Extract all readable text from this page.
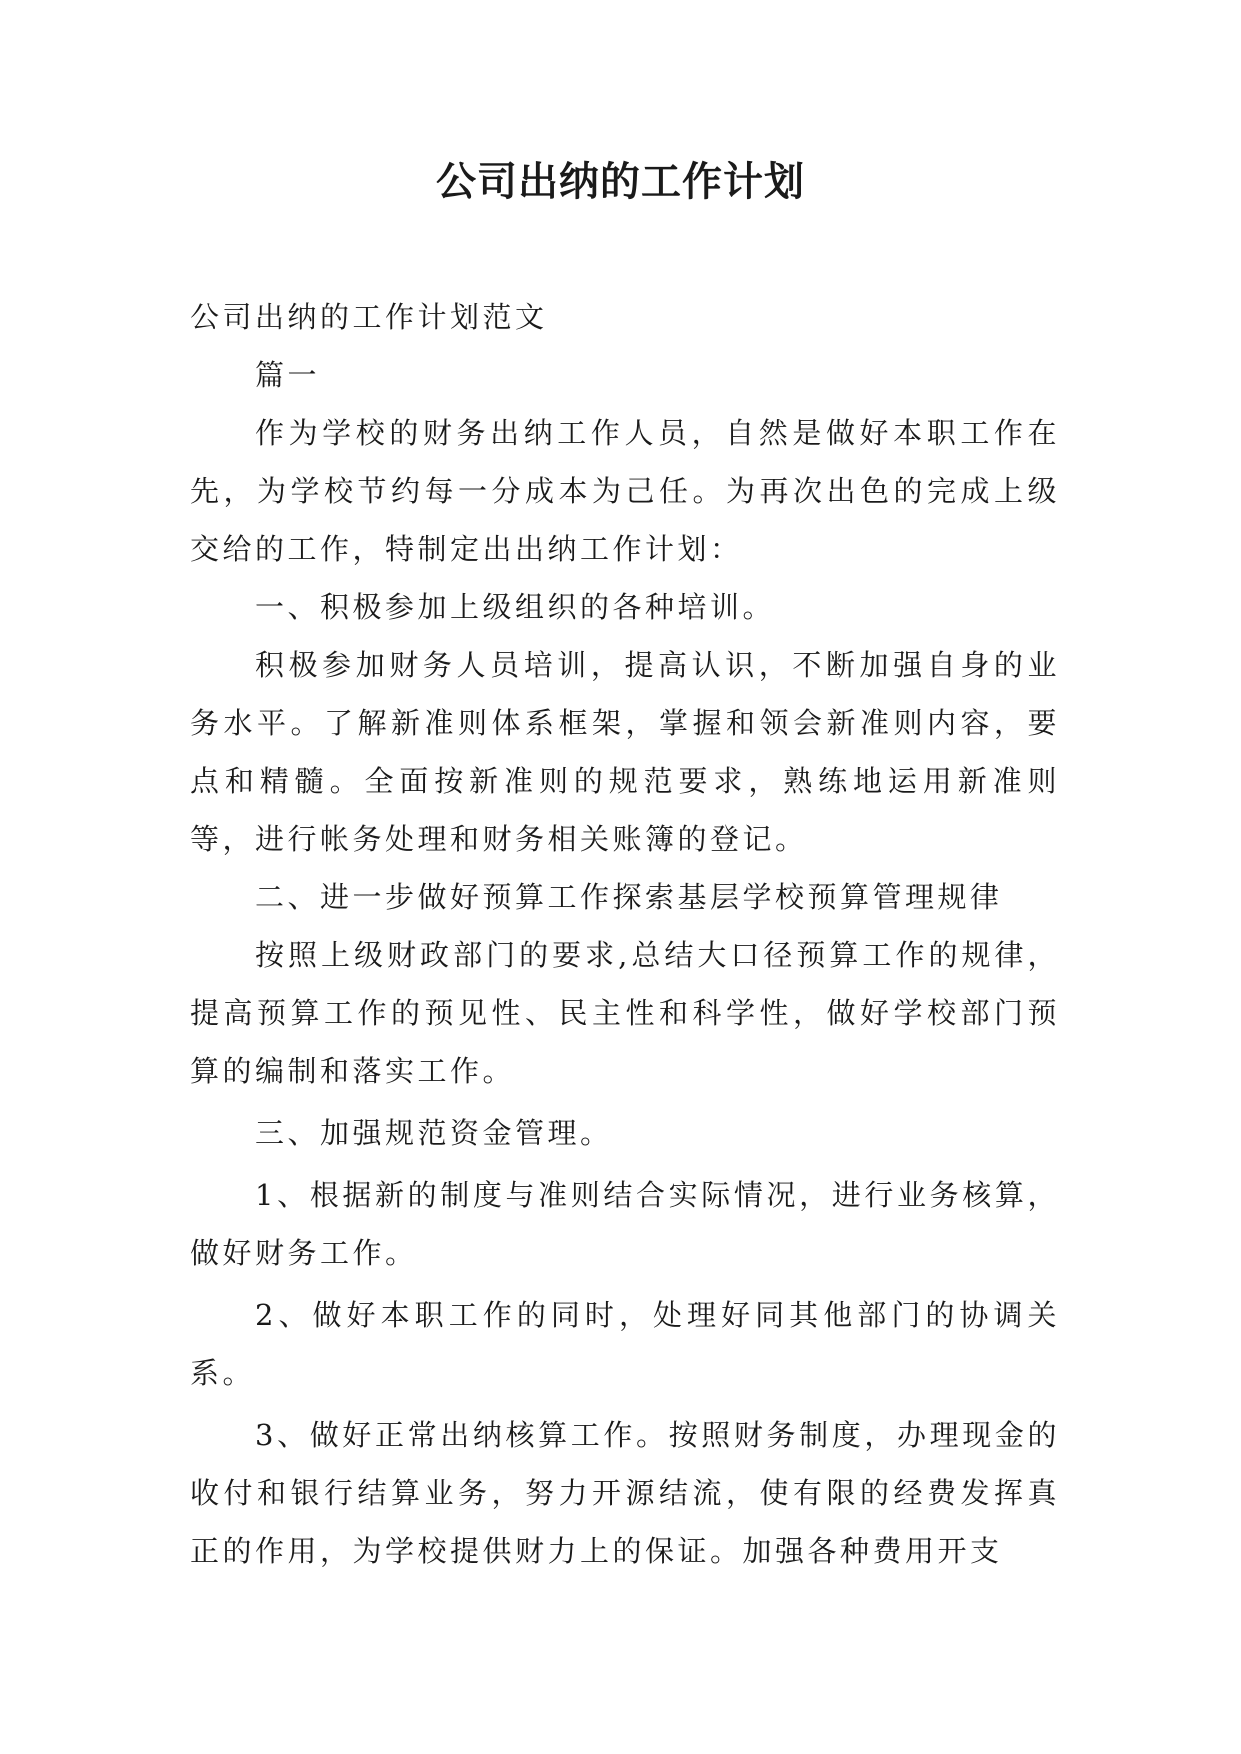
公司出纳的工作计划

公司出纳的工作计划范文

篇一

作为学校的财务出纳工作人员，自然是做好本职工作在先，为学校节约每一分成本为己任。为再次出色的完成上级交给的工作，特制定出出纳工作计划：

一、积极参加上级组织的各种培训。

积极参加财务人员培训，提高认识，不断加强自身的业务水平。了解新准则体系框架，掌握和领会新准则内容，要点和精髓。全面按新准则的规范要求，熟练地运用新准则等，进行帐务处理和财务相关账簿的登记。

二、进一步做好预算工作探索基层学校预算管理规律

按照上级财政部门的要求,总结大口径预算工作的规律，提高预算工作的预见性、民主性和科学性，做好学校部门预算的编制和落实工作。

三、加强规范资金管理。

1、根据新的制度与准则结合实际情况，进行业务核算，做好财务工作。

2、做好本职工作的同时，处理好同其他部门的协调关系。

3、做好正常出纳核算工作。按照财务制度，办理现金的收付和银行结算业务，努力开源结流，使有限的经费发挥真正的作用，为学校提供财力上的保证。加强各种费用开支
